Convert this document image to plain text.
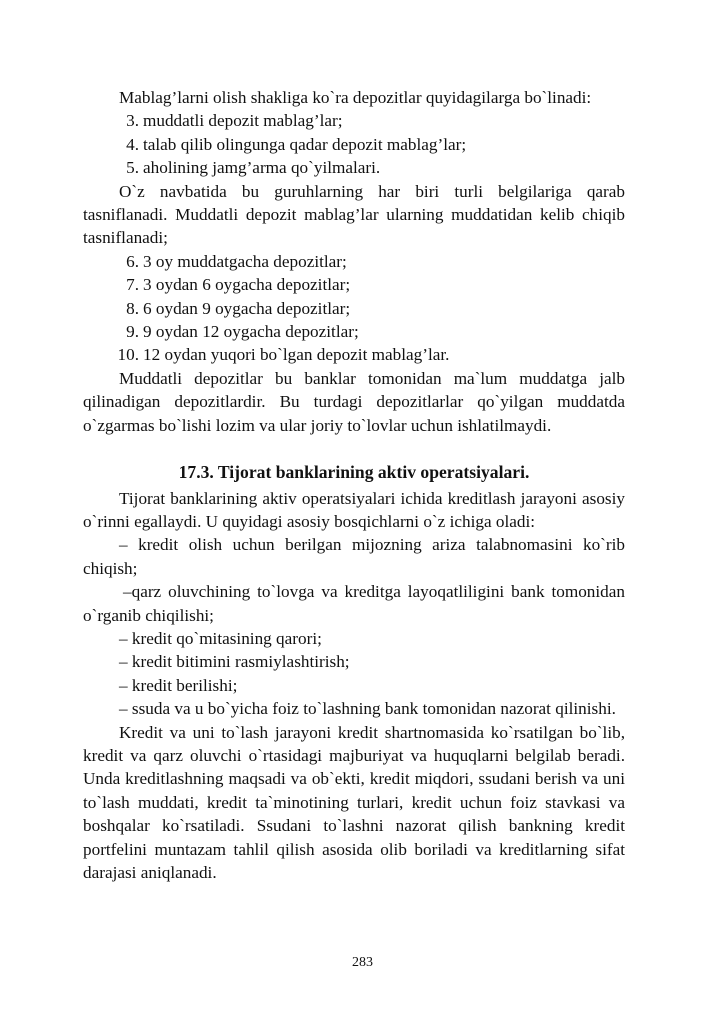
Mablag’larni olish shakliga ko`ra depozitlar quyidagilarga bo`linadi:

3. muddatli depozit mablag’lar;
4. talab qilib olingunga qadar depozit mablag’lar;
5. aholining jamg’arma qo`yilmalari.

O`z navbatida bu guruhlarning har biri turli belgilariga qarab tasniflanadi. Muddatli depozit mablag’lar ularning muddatidan kelib chiqib tasniflanadi;

6. 3 oy muddatgacha depozitlar;
7. 3 oydan 6 oygacha depozitlar;
8. 6 oydan 9 oygacha depozitlar;
9. 9 oydan 12 oygacha depozitlar;
10. 12 oydan yuqori bo`lgan depozit mablag’lar.

Muddatli depozitlar bu banklar tomonidan ma`lum muddatga jalb qilinadigan depozitlardir. Bu turdagi depozitlarlar qo`yilgan muddatda o`zgarmas bo`lishi lozim va ular joriy to`lovlar uchun ishlatilmaydi.

17.3. Tijorat banklarining aktiv operatsiyalari.

Tijorat banklarining aktiv operatsiyalari ichida kreditlash jarayoni asosiy o`rinni egallaydi. U quyidagi asosiy bosqichlarni o`z ichiga oladi:

– kredit olish uchun berilgan mijozning ariza talabnomasini ko`rib chiqish;

–qarz oluvchining to`lovga va kreditga layoqatliligini bank tomonidan o`rganib chiqilishi;

– kredit qo`mitasining qarori;

– kredit bitimini rasmiylashtirish;

– kredit berilishi;

– ssuda va u bo`yicha foiz to`lashning bank tomonidan nazorat qilinishi.

Kredit va uni to`lash jarayoni kredit shartnomasida ko`rsatilgan bo`lib, kredit va qarz oluvchi o`rtasidagi majburiyat va huquqlarni belgilab beradi. Unda kreditlashning maqsadi va ob`ekti, kredit miqdori, ssudani berish va uni to`lash muddati, kredit ta`minotining turlari, kredit uchun foiz stavkasi va boshqalar ko`rsatiladi. Ssudani to`lashni nazorat qilish bankning kredit portfelini muntazam tahlil qilish asosida olib boriladi va kreditlarning sifat darajasi aniqlanadi.

283
